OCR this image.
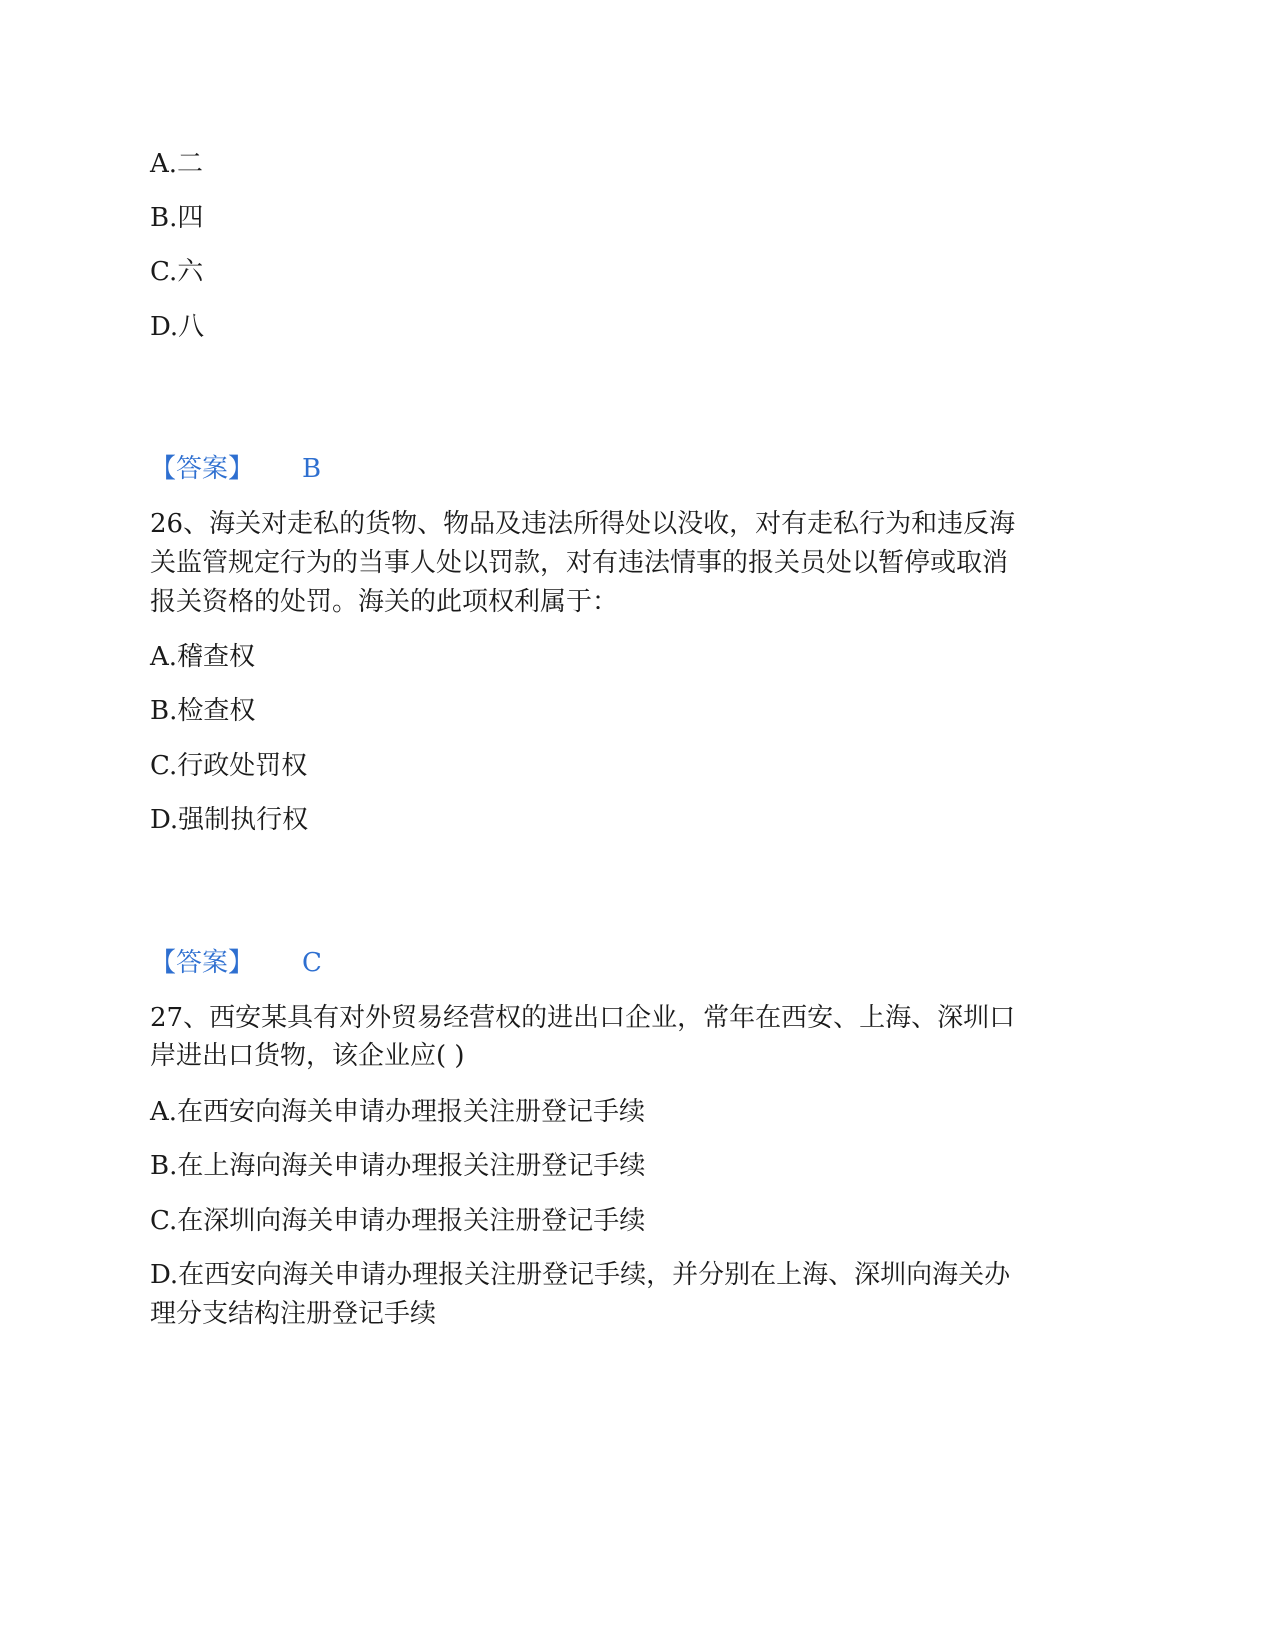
A.二
B.四
C.六
D.八
【答案】 B
26、海关对走私的货物、物品及违法所得处以没收，对有走私行为和违反海
关监管规定行为的当事人处以罚款，对有违法情事的报关员处以暂停或取消
报关资格的处罚。海关的此项权利属于：
A.稽查权
B.检查权
C.行政处罚权
D.强制执行权
【答案】 C
27、西安某具有对外贸易经营权的进出口企业，常年在西安、上海、深圳口
岸进出口货物，该企业应( )
A.在西安向海关申请办理报关注册登记手续
B.在上海向海关申请办理报关注册登记手续
C.在深圳向海关申请办理报关注册登记手续
D.在西安向海关申请办理报关注册登记手续，并分别在上海、深圳向海关办
理分支结构注册登记手续
